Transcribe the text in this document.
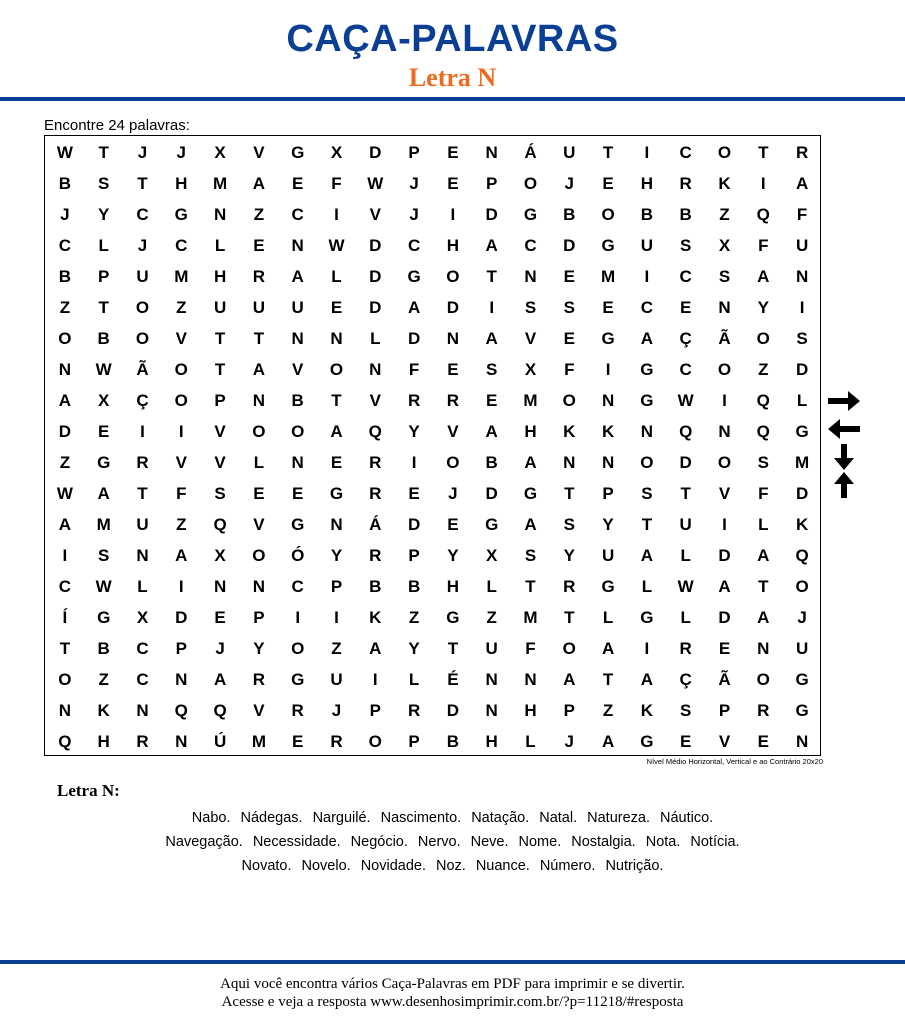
CAÇA-PALAVRAS
Letra N
Encontre 24 palavras:
W	T	J	J	X	V	G	X	D	P	E	N	Á	U	T	I	C	O	T	R
B	S	T	H	M	A	E	F	W	J	E	P	O	J	E	H	R	K	I	A
J	Y	C	G	N	Z	C	I	V	J	I	D	G	B	O	B	B	Z	Q	F
C	L	J	C	L	E	N	W	D	C	H	A	C	D	G	U	S	X	F	U
B	P	U	M	H	R	A	L	D	G	O	T	N	E	M	I	C	S	A	N
Z	T	O	Z	U	U	U	E	D	A	D	I	S	S	E	C	E	N	Y	I
O	B	O	V	T	T	N	N	L	D	N	A	V	E	G	A	Ç	Ã	O	S
N	W	Ã	O	T	A	V	O	N	F	E	S	X	F	I	G	C	O	Z	D
A	X	Ç	O	P	N	B	T	V	R	R	E	M	O	N	G	W	I	Q	L
D	E	I	I	V	O	O	A	Q	Y	V	A	H	K	K	N	Q	N	Q	G
Z	G	R	V	V	L	N	E	R	I	O	B	A	N	N	O	D	O	S	M
W	A	T	F	S	E	E	G	R	E	J	D	G	T	P	S	T	V	F	D
A	M	U	Z	Q	V	G	N	Á	D	E	G	A	S	Y	T	U	I	L	K
I	S	N	A	X	O	Ó	Y	R	P	Y	X	S	Y	U	A	L	D	A	Q
C	W	L	I	N	N	C	P	B	B	H	L	T	R	G	L	W	A	T	O
Í	G	X	D	E	P	I	I	K	Z	G	Z	M	T	L	G	L	D	A	J
T	B	C	P	J	Y	O	Z	A	Y	T	U	F	O	A	I	R	E	N	U
O	Z	C	N	A	R	G	U	I	L	É	N	N	A	T	A	Ç	Ã	O	G
N	K	N	Q	Q	V	R	J	P	R	D	N	H	P	Z	K	S	P	R	G
Q	H	R	N	Ú	M	E	R	O	P	B	H	L	J	A	G	E	V	E	N
Nível Médio Horizontal, Vertical e ao Contrário 20x20
Letra N:
Nabo. Nádegas. Narguilé. Nascimento. Natação. Natal. Natureza. Náutico.
Navegação. Necessidade. Negócio. Nervo. Neve. Nome. Nostalgia. Nota. Notícia.
Novato. Novelo. Novidade. Noz. Nuance. Número. Nutrição.
Aqui você encontra vários Caça-Palavras em PDF para imprimir e se divertir.
Acesse e veja a resposta www.desenhosimprimir.com.br/?p=11218/#resposta
